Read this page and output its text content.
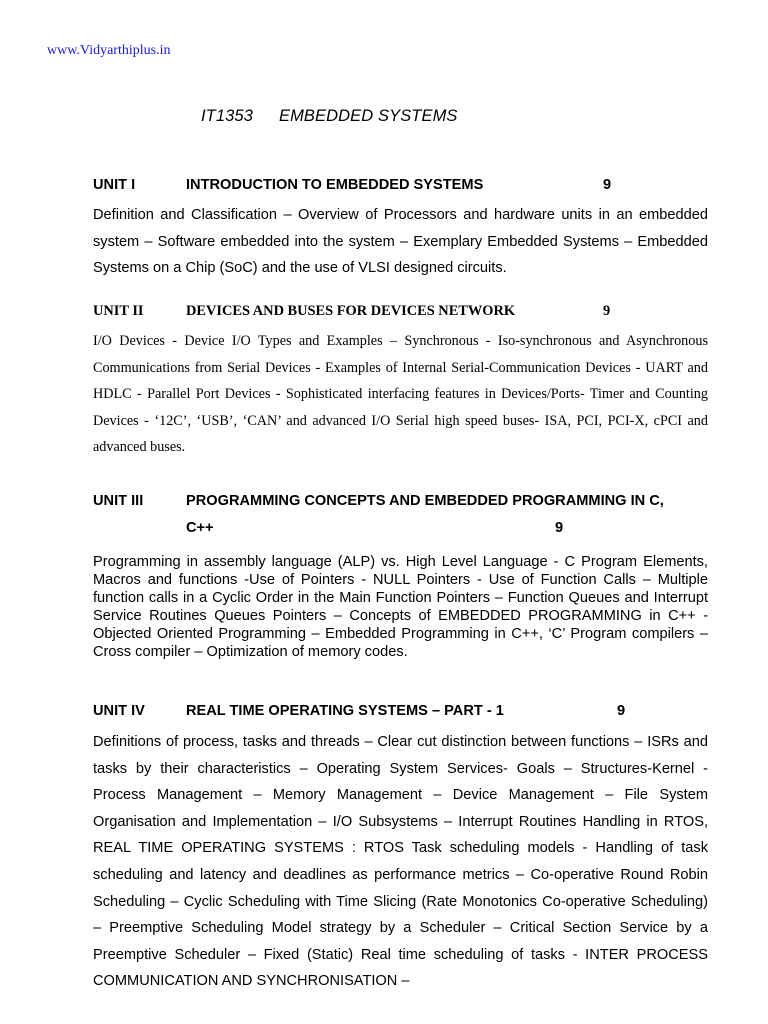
www.Vidyarthiplus.in
IT1353 EMBEDDED SYSTEMS
UNIT I	INTRODUCTION TO EMBEDDED SYSTEMS	9

Definition and Classification – Overview of Processors and hardware units in an embedded system – Software embedded into the system – Exemplary Embedded Systems – Embedded Systems on a Chip (SoC) and the use of VLSI designed circuits.

UNIT II	DEVICES AND BUSES FOR DEVICES NETWORK	9

I/O Devices - Device I/O Types and Examples – Synchronous - Iso-synchronous and Asynchronous Communications from Serial Devices - Examples of Internal Serial-Communication Devices - UART and HDLC - Parallel Port Devices - Sophisticated interfacing features in Devices/Ports- Timer and Counting Devices - ‘12C’, ‘USB’, ‘CAN’ and advanced I/O Serial high speed buses- ISA, PCI, PCI-X, cPCI and advanced buses.

UNIT III	PROGRAMMING CONCEPTS AND EMBEDDED PROGRAMMING IN C,
C++	9

Programming in assembly language (ALP) vs. High Level Language - C Program Elements, Macros and functions -Use of Pointers - NULL Pointers - Use of Function Calls – Multiple function calls in a Cyclic Order in the Main Function Pointers – Function Queues and Interrupt Service Routines Queues Pointers – Concepts of EMBEDDED PROGRAMMING in C++ - Objected Oriented Programming – Embedded Programming in C++, ‘C’ Program compilers – Cross compiler – Optimization of memory codes.

UNIT IV	REAL TIME OPERATING SYSTEMS – PART - 1	9

Definitions of process, tasks and threads – Clear cut distinction between functions – ISRs and tasks by their characteristics – Operating System Services- Goals – Structures-Kernel - Process Management – Memory Management – Device Management – File System Organisation and Implementation – I/O Subsystems – Interrupt Routines Handling in RTOS, REAL TIME OPERATING SYSTEMS : RTOS Task scheduling models - Handling of task scheduling and latency and deadlines as performance metrics – Co-operative Round Robin Scheduling – Cyclic Scheduling with Time Slicing (Rate Monotonics Co-operative Scheduling) – Preemptive Scheduling Model strategy by a Scheduler – Critical Section Service by a Preemptive Scheduler – Fixed (Static) Real time scheduling of tasks - INTER PROCESS COMMUNICATION AND SYNCHRONISATION –
